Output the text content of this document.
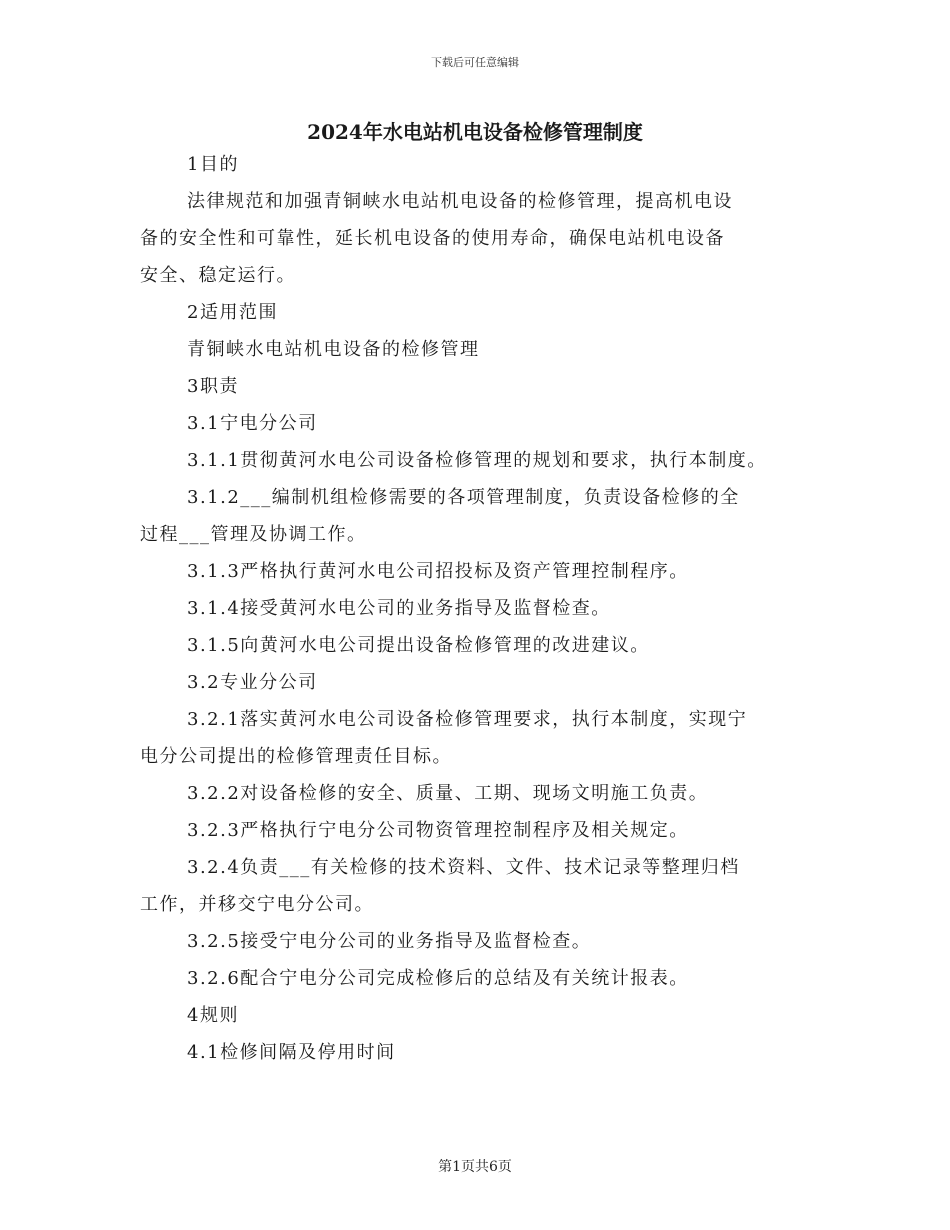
下载后可任意编辑
2024年水电站机电设备检修管理制度

1目的

法律规范和加强青铜峡水电站机电设备的检修管理，提高机电设

备的安全性和可靠性，延长机电设备的使用寿命，确保电站机电设备

安全、稳定运行。

2适用范围

青铜峡水电站机电设备的检修管理

3职责

3.1宁电分公司

3.1.1贯彻黄河水电公司设备检修管理的规划和要求，执行本制度。

3.1.2___编制机组检修需要的各项管理制度，负责设备检修的全

过程___管理及协调工作。

3.1.3严格执行黄河水电公司招投标及资产管理控制程序。

3.1.4接受黄河水电公司的业务指导及监督检查。

3.1.5向黄河水电公司提出设备检修管理的改进建议。

3.2专业分公司

3.2.1落实黄河水电公司设备检修管理要求，执行本制度，实现宁

电分公司提出的检修管理责任目标。

3.2.2对设备检修的安全、质量、工期、现场文明施工负责。

3.2.3严格执行宁电分公司物资管理控制程序及相关规定。

3.2.4负责___有关检修的技术资料、文件、技术记录等整理归档

工作，并移交宁电分公司。

3.2.5接受宁电分公司的业务指导及监督检查。

3.2.6配合宁电分公司完成检修后的总结及有关统计报表。

4规则

4.1检修间隔及停用时间

第1页共6页
